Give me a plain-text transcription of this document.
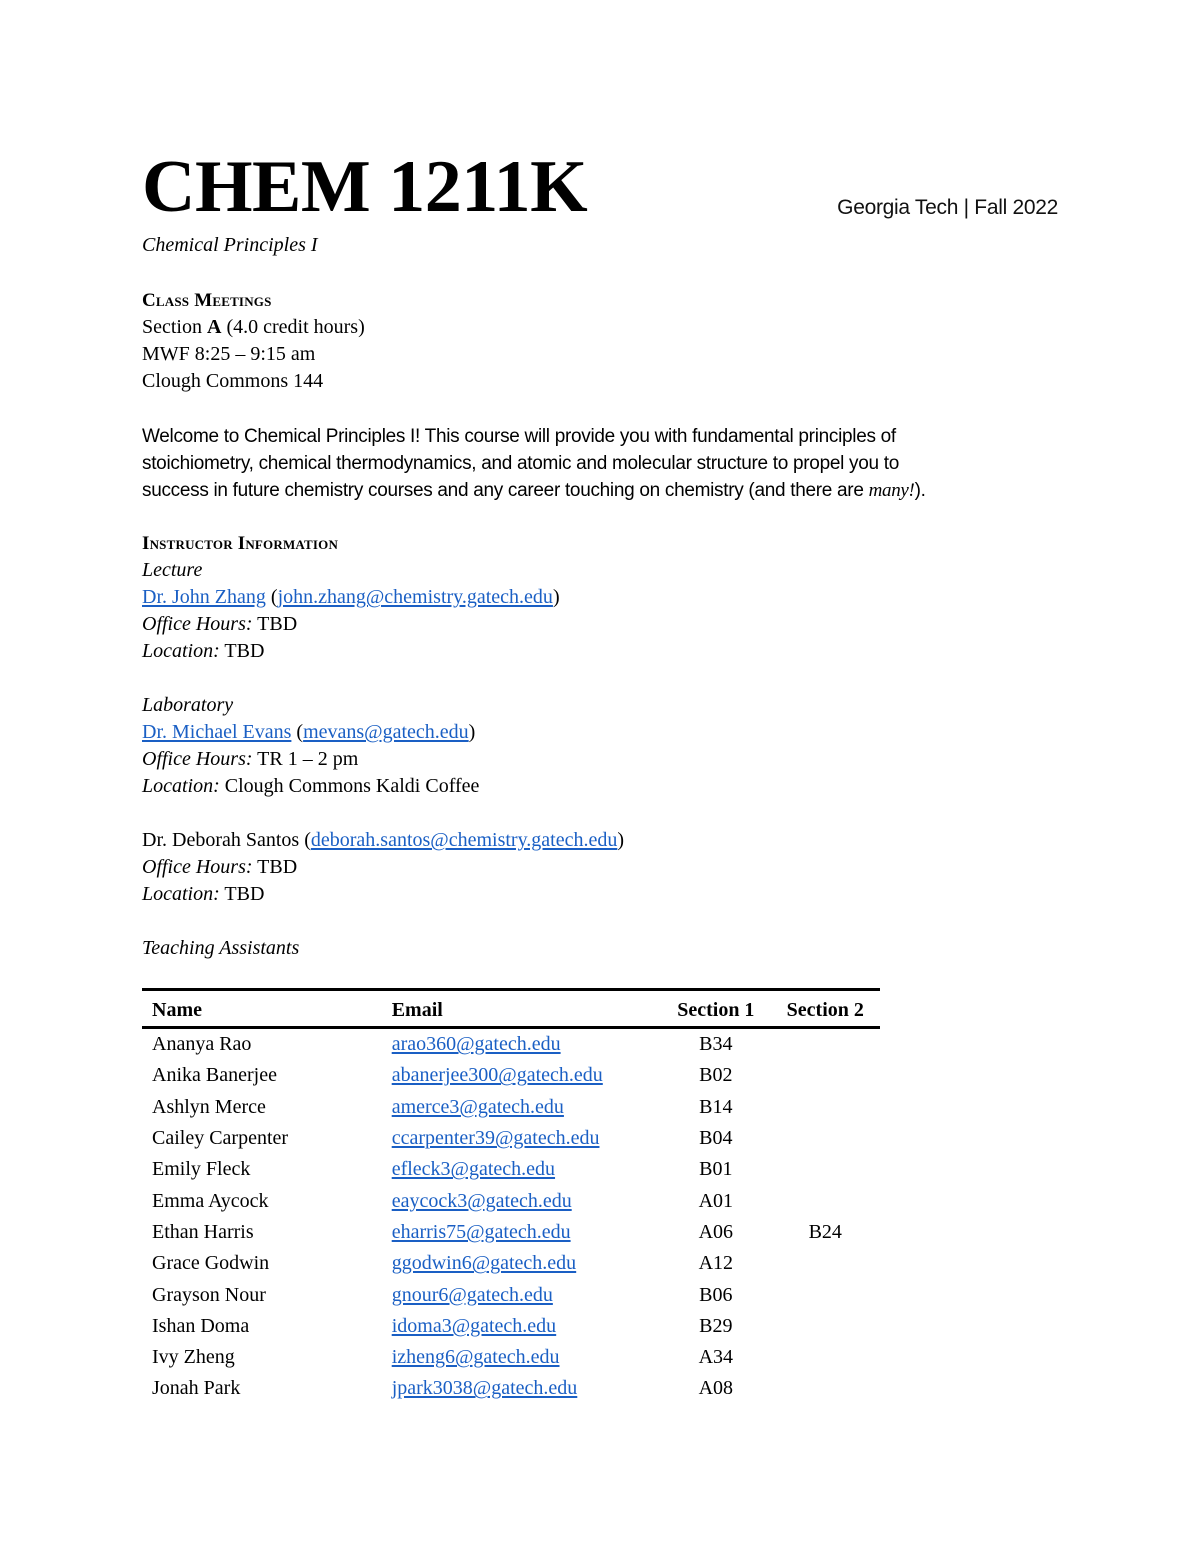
CHEM 1211K	Georgia Tech | Fall 2022
Chemical Principles I
Class Meetings
Section A (4.0 credit hours)
MWF 8:25 – 9:15 am
Clough Commons 144
Welcome to Chemical Principles I! This course will provide you with fundamental principles of
stoichiometry, chemical thermodynamics, and atomic and molecular structure to propel you to
success in future chemistry courses and any career touching on chemistry (and there are many!).
Instructor Information
Lecture
Dr. John Zhang (john.zhang@chemistry.gatech.edu)
Office Hours: TBD
Location: TBD
Laboratory
Dr. Michael Evans (mevans@gatech.edu)
Office Hours: TR 1 – 2 pm
Location: Clough Commons Kaldi Coffee
Dr. Deborah Santos (deborah.santos@chemistry.gatech.edu)
Office Hours: TBD
Location: TBD
Teaching Assistants
Name	Email	Section 1	Section 2
Ananya Rao	arao360@gatech.edu	B34	
Anika Banerjee	abanerjee300@gatech.edu	B02	
Ashlyn Merce	amerce3@gatech.edu	B14	
Cailey Carpenter	ccarpenter39@gatech.edu	B04	
Emily Fleck	efleck3@gatech.edu	B01	
Emma Aycock	eaycock3@gatech.edu	A01	
Ethan Harris	eharris75@gatech.edu	A06	B24
Grace Godwin	ggodwin6@gatech.edu	A12	
Grayson Nour	gnour6@gatech.edu	B06	
Ishan Doma	idoma3@gatech.edu	B29	
Ivy Zheng	izheng6@gatech.edu	A34	
Jonah Park	jpark3038@gatech.edu	A08	
